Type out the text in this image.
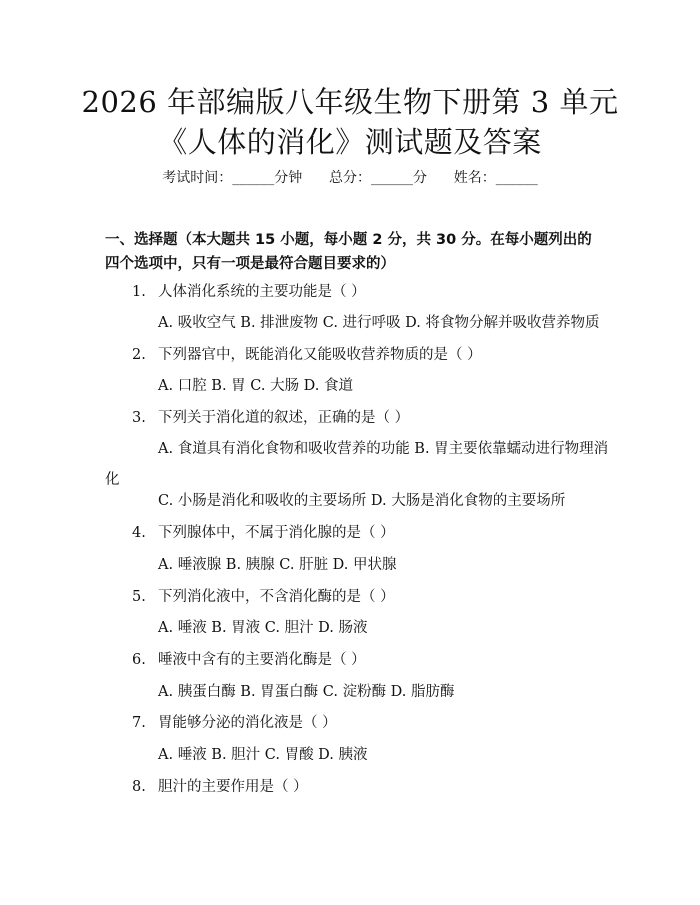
2026 年部编版八年级生物下册第 3 单元《人体的消化》测试题及答案
考试时间：______分钟      总分：______分      姓名：______
一、选择题（本大题共 15 小题，每小题 2 分，共 30 分。在每小题列出的四个选项中，只有一项是最符合题目要求的）
1. 人体消化系统的主要功能是（ ）
A. 吸收空气 B. 排泄废物 C. 进行呼吸 D. 将食物分解并吸收营养物质
2. 下列器官中，既能消化又能吸收营养物质的是（ ）
A. 口腔 B. 胃 C. 大肠 D. 食道
3. 下列关于消化道的叙述，正确的是（ ）
A. 食道具有消化食物和吸收营养的功能 B. 胃主要依靠蠕动进行物理消化
C. 小肠是消化和吸收的主要场所 D. 大肠是消化食物的主要场所
4. 下列腺体中，不属于消化腺的是（ ）
A. 唾液腺 B. 胰腺 C. 肝脏 D. 甲状腺
5. 下列消化液中，不含消化酶的是（ ）
A. 唾液 B. 胃液 C. 胆汁 D. 肠液
6. 唾液中含有的主要消化酶是（ ）
A. 胰蛋白酶 B. 胃蛋白酶 C. 淀粉酶 D. 脂肪酶
7. 胃能够分泌的消化液是（ ）
A. 唾液 B. 胆汁 C. 胃酸 D. 胰液
8. 胆汁的主要作用是（ ）
